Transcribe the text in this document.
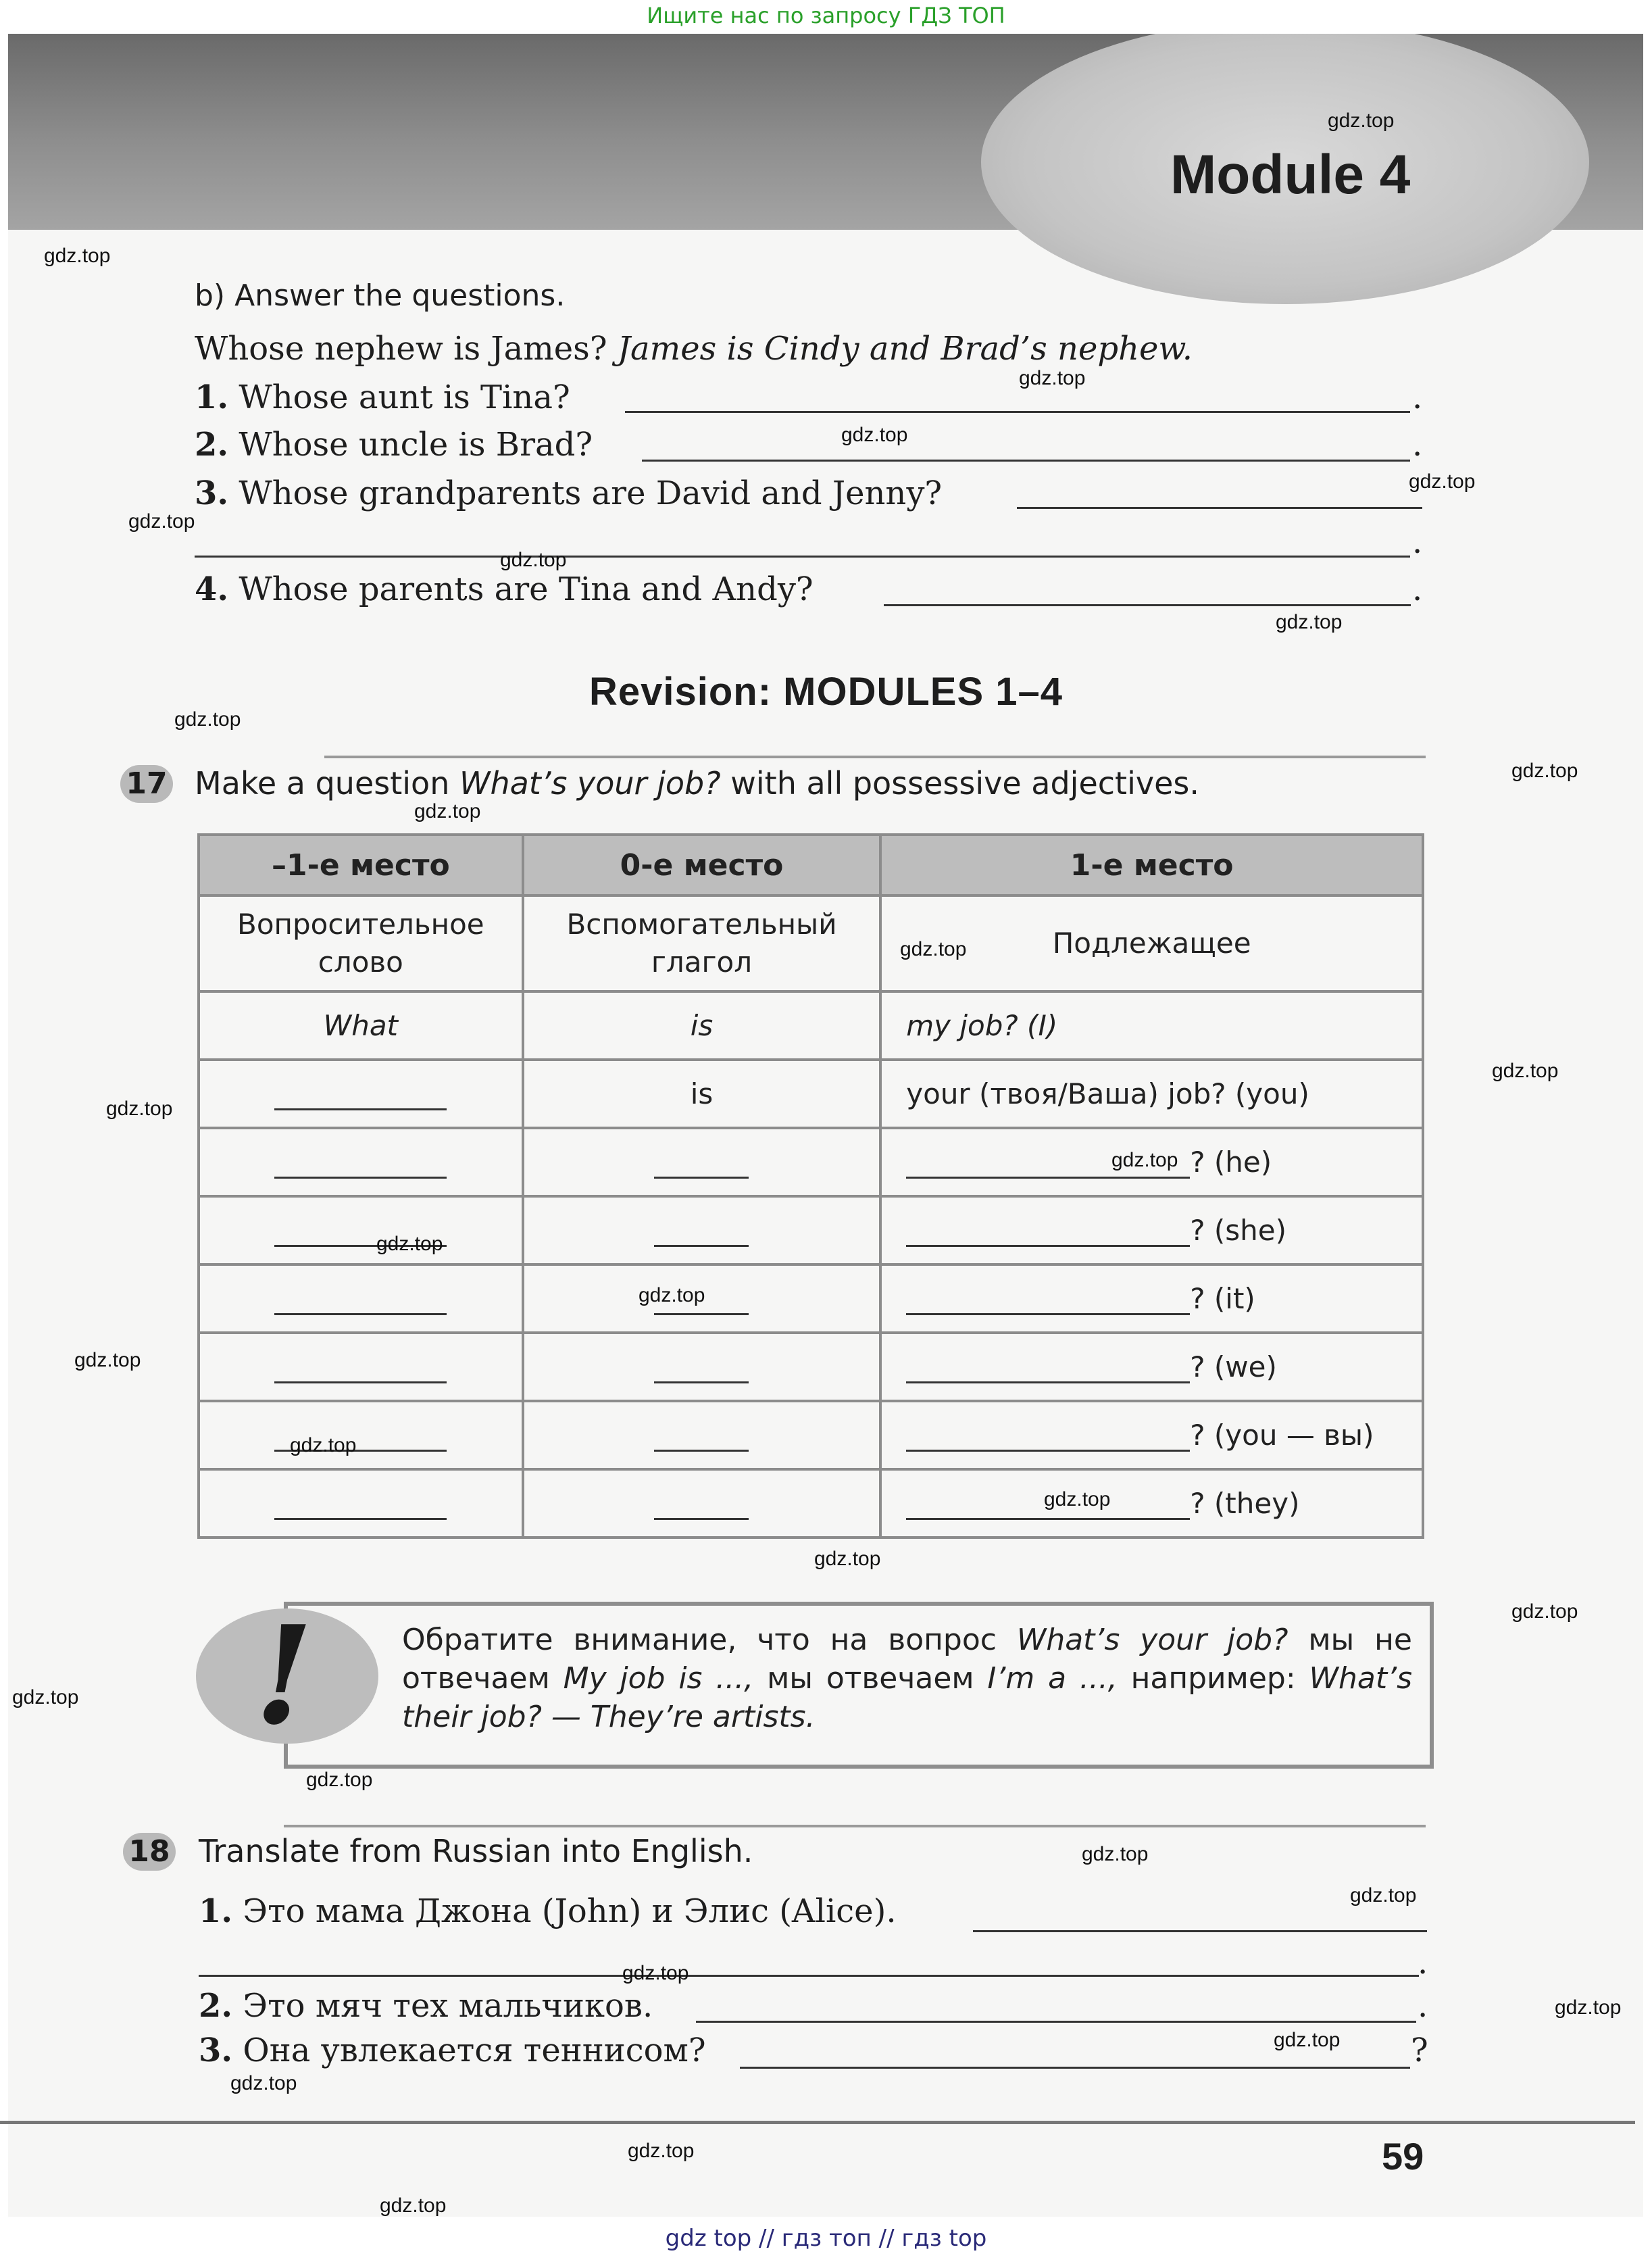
Ищите нас по запросу ГДЗ ТОП
Module 4
b) Answer the questions.
Whose nephew is James? James is Cindy and Brad’s nephew.
1. Whose aunt is Tina?	.
2. Whose uncle is Brad?	.
3. Whose grandparents are David and Jenny?
.
4. Whose parents are Tina and Andy?	.
Revision: MODULES 1–4
17 Make a question What’s your job? with all possessive adjectives.
–1-е место	0-е место	1-е место
Вопросительное слово	Вспомогательный глагол	Подлежащее
What	is	my job? (I)
	is	your (твоя/Ваша) job? (you)
		? (he)
		? (she)
		? (it)
		? (we)
		? (you — вы)
		? (they)
!	Обратите внимание, что на вопрос What’s your job? мы не отвечаем My job is ..., мы отвечаем I’m a ..., например: What’s their job? — They’re artists.
18 Translate from Russian into English.
1. Это мама Джона (John) и Элис (Alice).
.
2. Это мяч тех мальчиков.	.
3. Она увлекается теннисом?	?
59
gdz.top
gdz.top
gdz.top
gdz.top
gdz.top
gdz.top
gdz.top
gdz.top
gdz.top
gdz.top
gdz.top
gdz.top
gdz.top
gdz.top
gdz.top
gdz.top
gdz.top
gdz.top
gdz.top
gdz.top
gdz.top
gdz.top
gdz.top
gdz.top
gdz.top
gdz.top
gdz.top
gdz.top
gdz.top
gdz.top
gdz.top
gdz.top
gdz top // гдз топ // гдз top
